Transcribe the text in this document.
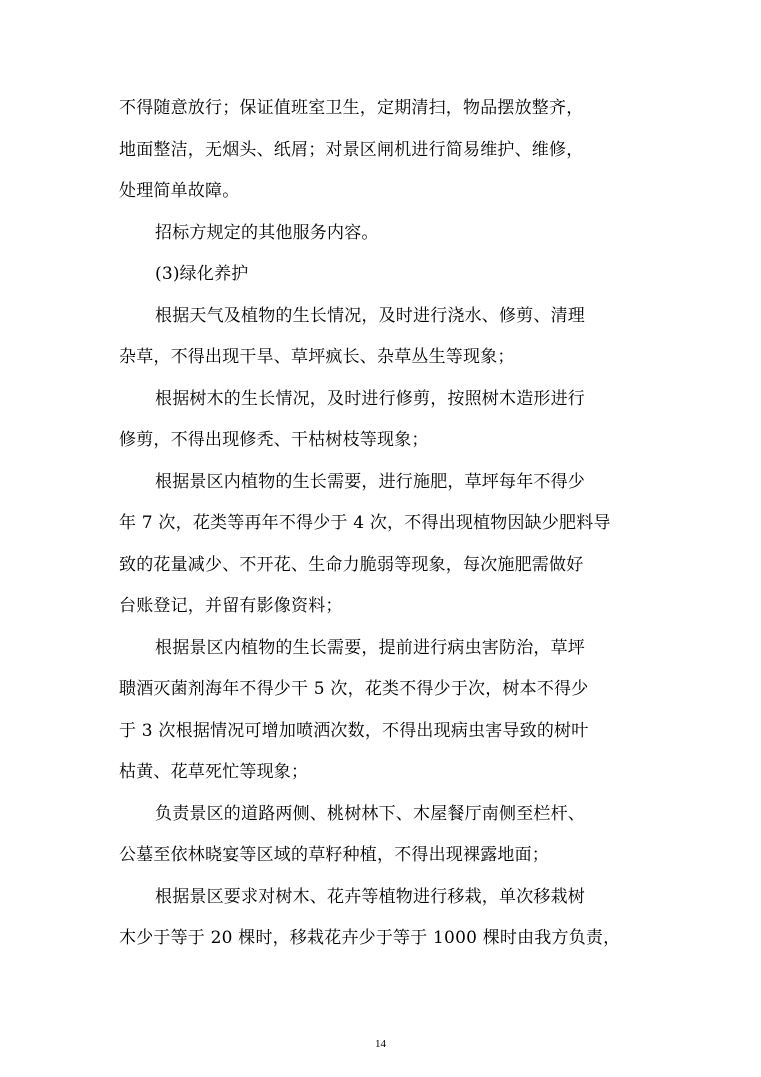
不得随意放行；保证值班室卫生，定期清扫，物品摆放整齐，
地面整洁，无烟头、纸屑；对景区闸机进行简易维护、维修，
处理简单故障。
招标方规定的其他服务内容。
(3)绿化养护
根据天气及植物的生长情况，及时进行浇水、修剪、清理
杂草，不得出现干旱、草坪疯长、杂草丛生等现象；
根据树木的生长情况，及时进行修剪，按照树木造形进行
修剪，不得出现修秃、干枯树枝等现象；
根据景区内植物的生长需要，进行施肥，草坪每年不得少
年 7 次，花类等再年不得少于 4 次，不得出现植物因缺少肥料导
致的花量减少、不开花、生命力脆弱等现象，每次施肥需做好
台账登记，并留有影像资料；
根据景区内植物的生长需要，提前进行病虫害防治，草坪
聩酒灭菌剂海年不得少干 5 次，花类不得少于次，树本不得少
于 3 次根据情况可增加喷洒次数，不得出现病虫害导致的树叶
枯黄、花草死忙等现象；
负责景区的道路两侧、桃树林下、木屋餐厅南侧至栏杆、
公墓至依林晓宴等区域的草籽种植，不得出现裸露地面；
根据景区要求对树木、花卉等植物进行移栽，单次移栽树
木少于等于 20 棵时，移栽花卉少于等于 1000 棵时由我方负责，
14
